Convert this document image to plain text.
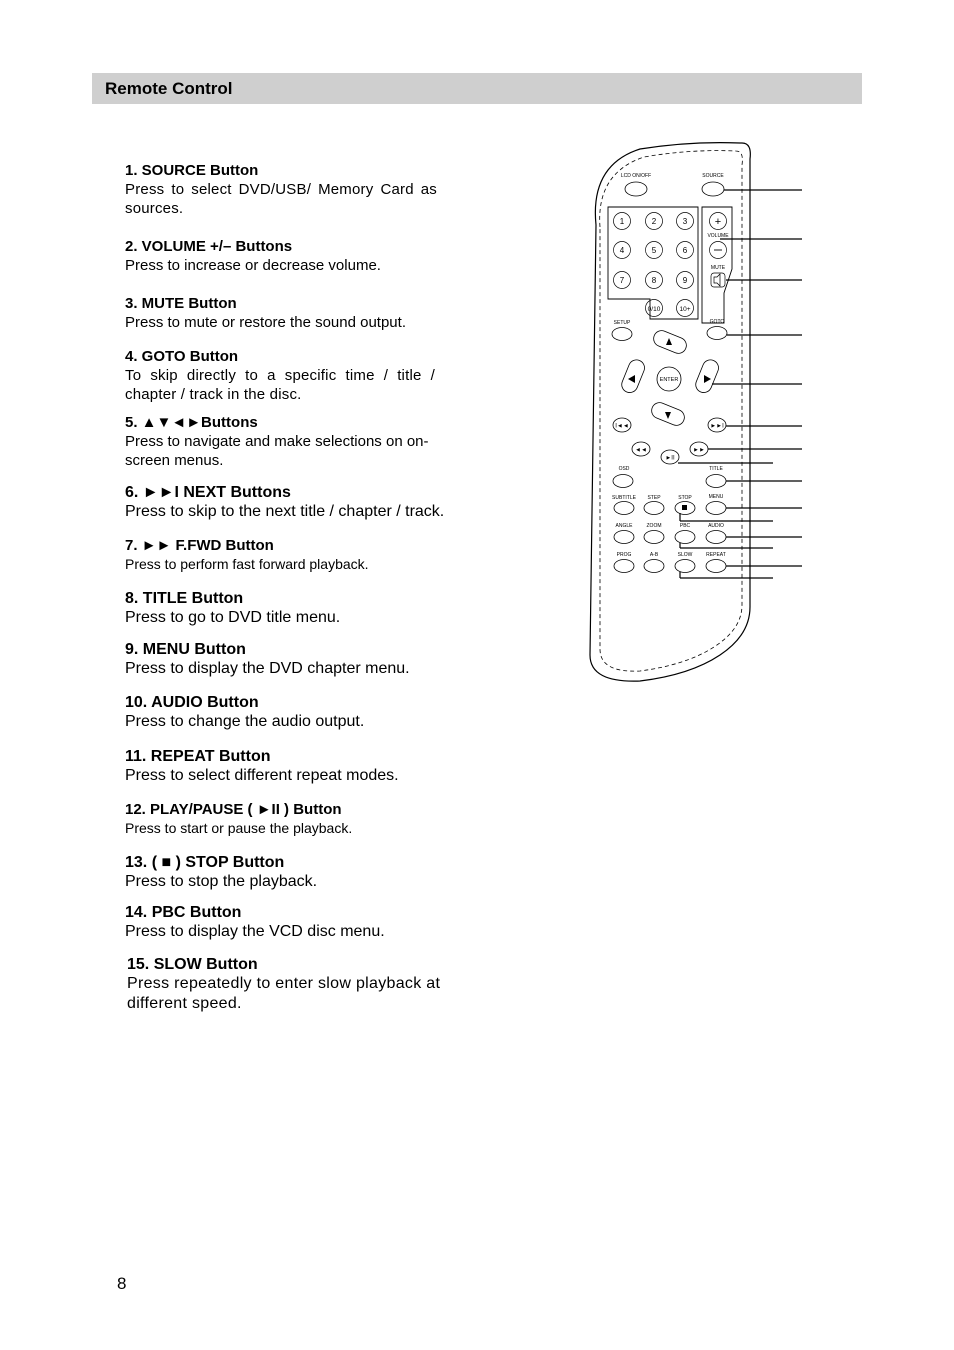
Remote Control
1. SOURCE Button
Press to select DVD/USB/ Memory Card as sources.
2. VOLUME +/– Buttons
Press to increase or decrease volume.
3. MUTE Button
Press to mute or restore the sound output.
4. GOTO Button
To skip directly to a specific time / title / chapter / track in the disc.
5. ▲▼◄►Buttons
Press to navigate and make selections on on-screen menus.
6. ►►I NEXT Buttons
Press to skip to the next title / chapter / track.
7. ►► F.FWD Button
Press to perform fast forward playback.
8. TITLE Button
Press to go to DVD title menu.
9. MENU Button
Press to display the DVD chapter menu.
10. AUDIO Button
Press to change the audio output.
11. REPEAT Button
Press to select different repeat modes.
12. PLAY/PAUSE ( ►II ) Button
Press to start or pause the playback.
13. ( ■ ) STOP Button
Press to stop the playback.
14. PBC Button
Press to display the VCD disc menu.
15. SLOW Button
Press repeatedly to enter slow playback at different speed.
LCD ON/OFF	SOURCE
1	2	3
4	5	6
7	8	9
0/10	10+
+
VOLUME
MUTE
SETUP	GOTO
ENTER
I◄◄	►►I
◄◄	►►
►II
OSD	TITLE
SUBTITLE STEP	STOP	MENU
ANGLE	ZOOM	PBC	AUDIO
PROG	A-B	SLOW	REPEAT
8
